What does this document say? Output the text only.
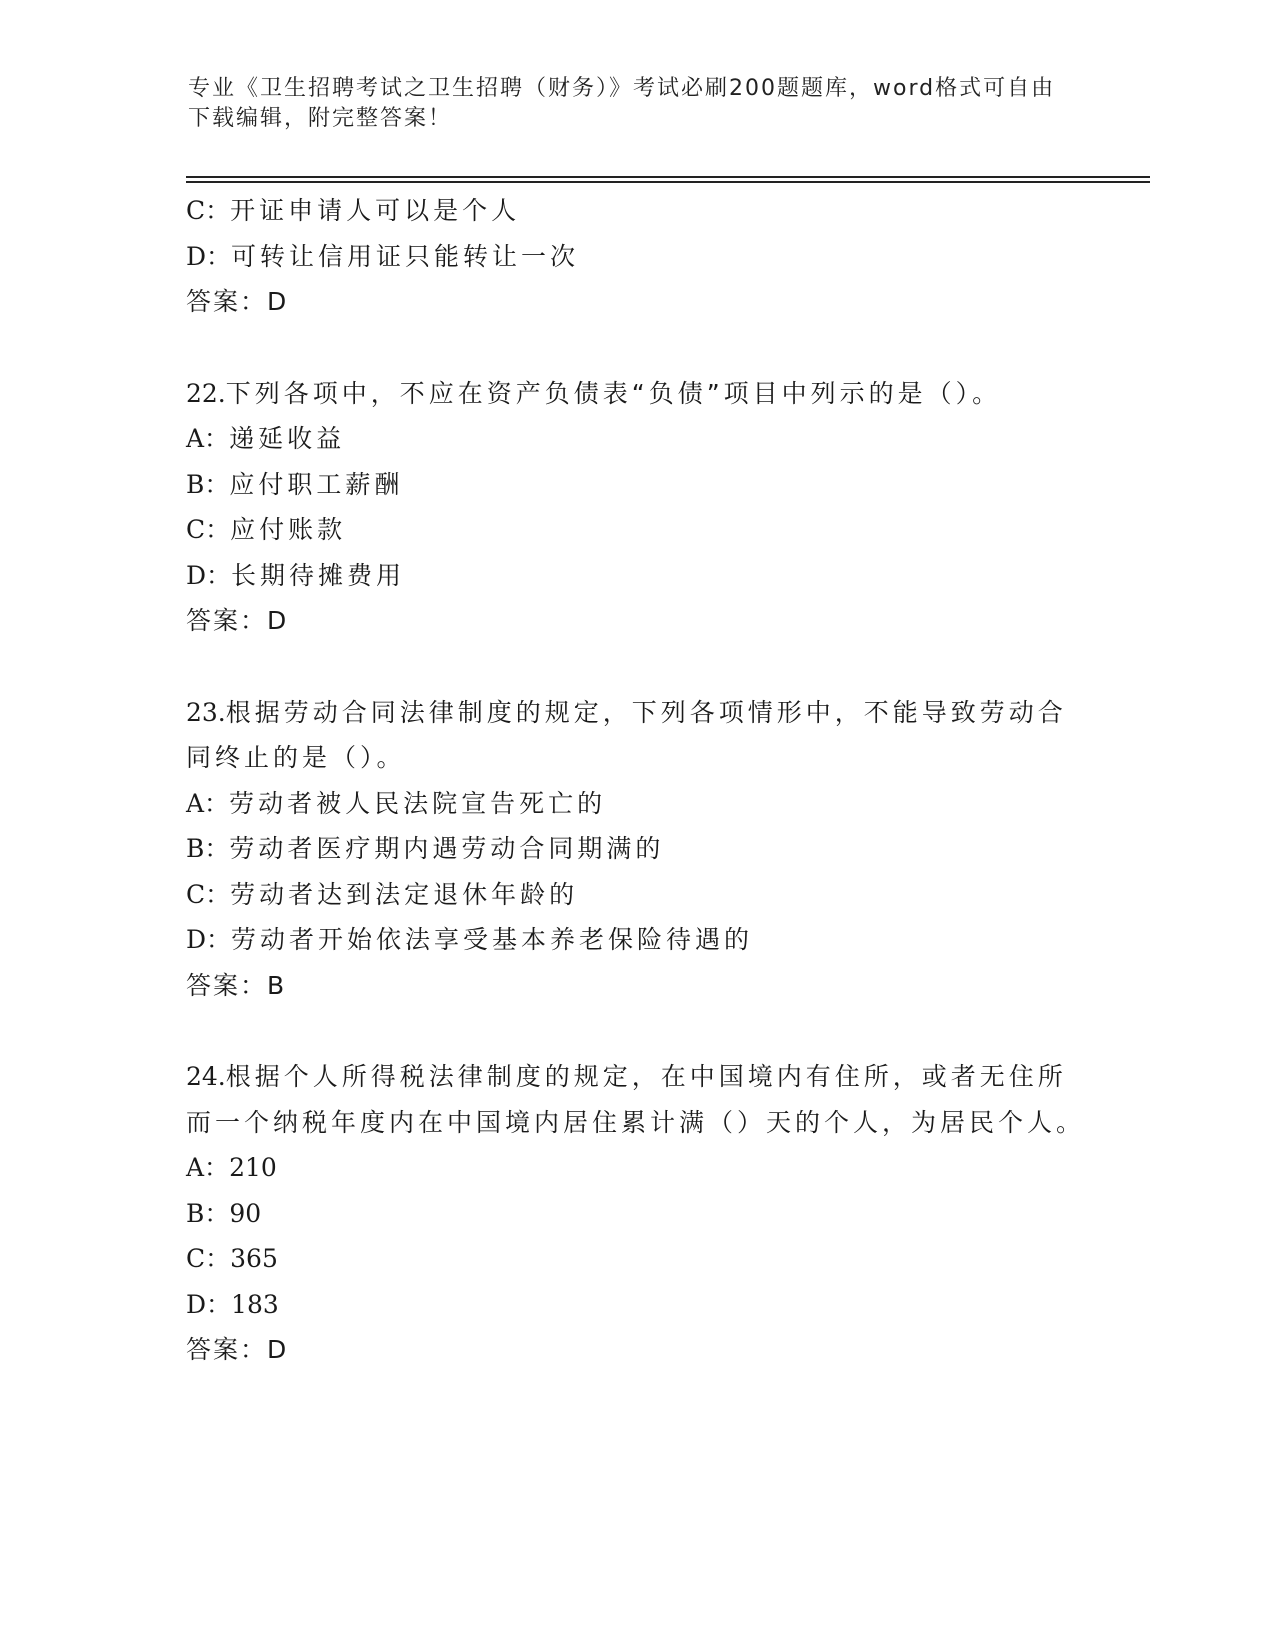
专业《卫生招聘考试之卫生招聘（财务）》考试必刷200题题库，word格式可自由下载编辑，附完整答案！
C：开证申请人可以是个人
D：可转让信用证只能转让一次
答案：D
22.下列各项中，不应在资产负债表“负债”项目中列示的是（）。
A：递延收益
B：应付职工薪酬
C：应付账款
D：长期待摊费用
答案：D
23.根据劳动合同法律制度的规定，下列各项情形中，不能导致劳动合同终止的是（）。
A：劳动者被人民法院宣告死亡的
B：劳动者医疗期内遇劳动合同期满的
C：劳动者达到法定退休年龄的
D：劳动者开始依法享受基本养老保险待遇的
答案：B
24.根据个人所得税法律制度的规定，在中国境内有住所，或者无住所而一个纳税年度内在中国境内居住累计满（）天的个人，为居民个人。
A：210
B：90
C：365
D：183
答案：D
